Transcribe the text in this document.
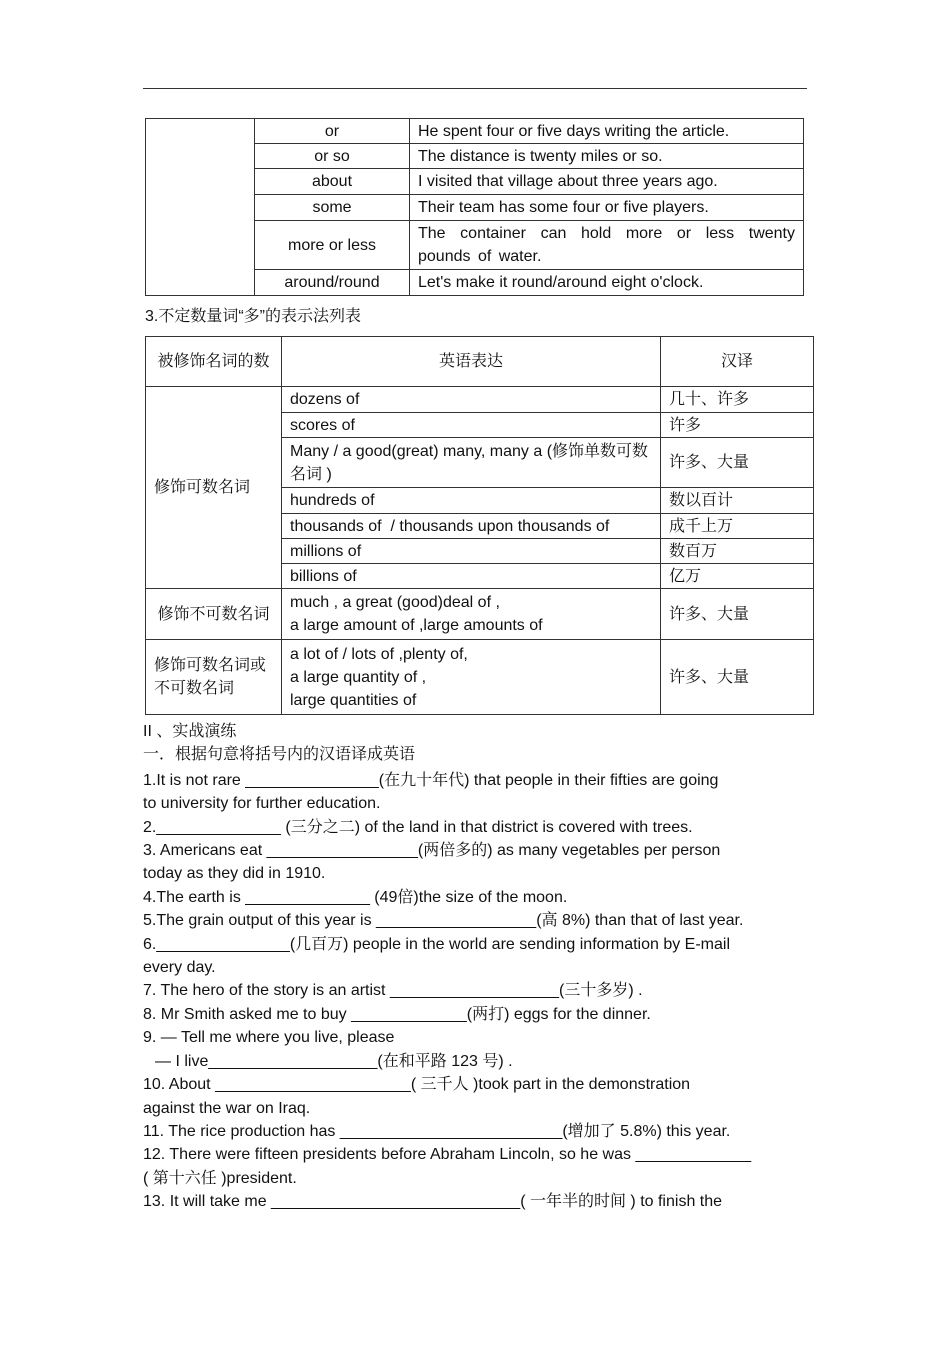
	or	He spent four or five days writing the article.
	or so	The distance is twenty miles or so.
	about	I visited that village about three years ago.
	some	Their team has some four or five players.
	more or less	The container can hold more or less twenty pounds of water.
	around/round	Let's make it round/around eight o'clock.
3.不定数量词“多”的表示法列表
被修饰名词的数	英语表达	汉译
修饰可数名词	dozens of	几十、许多
	scores of	许多
	Many / a good(great) many, many a (修饰单数可数名词 )	许多、大量
	hundreds of	数以百计
	thousands of  / thousands upon thousands of	成千上万
	millions of	数百万
	billions of	亿万
修饰不可数名词	much , a great (good)deal of ,
a large amount of ,large amounts of	许多、大量
修饰可数名词或不可数名词	a lot of / lots of ,plenty of,
a large quantity of ,
large quantities of	许多、大量
II 、实战演练
一．根据句意将括号内的汉语译成英语
1.It is not rare _______________(在九十年代) that people in their fifties are going
to university for further education.
2.______________ (三分之二) of the land in that district is covered with trees.
3. Americans eat _________________(两倍多的) as many vegetables per person
today as they did in 1910.
4.The earth is ______________ (49倍)the size of the moon.
5.The grain output of this year is __________________(高 8%) than that of last year.
6._______________(几百万) people in the world are sending information by E-mail
every day.
7. The hero of the story is an artist ___________________(三十多岁) .
8. Mr Smith asked me to buy _____________(两打) eggs for the dinner.
9. — Tell me where you live, please
— I live___________________(在和平路 123 号) .
10. About ______________________( 三千人 )took part in the demonstration
against the war on Iraq.
11. The rice production has _________________________(增加了 5.8%) this year.
12. There were fifteen presidents before Abraham Lincoln, so he was _____________
( 第十六任 )president.
13. It will take me ____________________________( 一年半的时间 ) to finish the
